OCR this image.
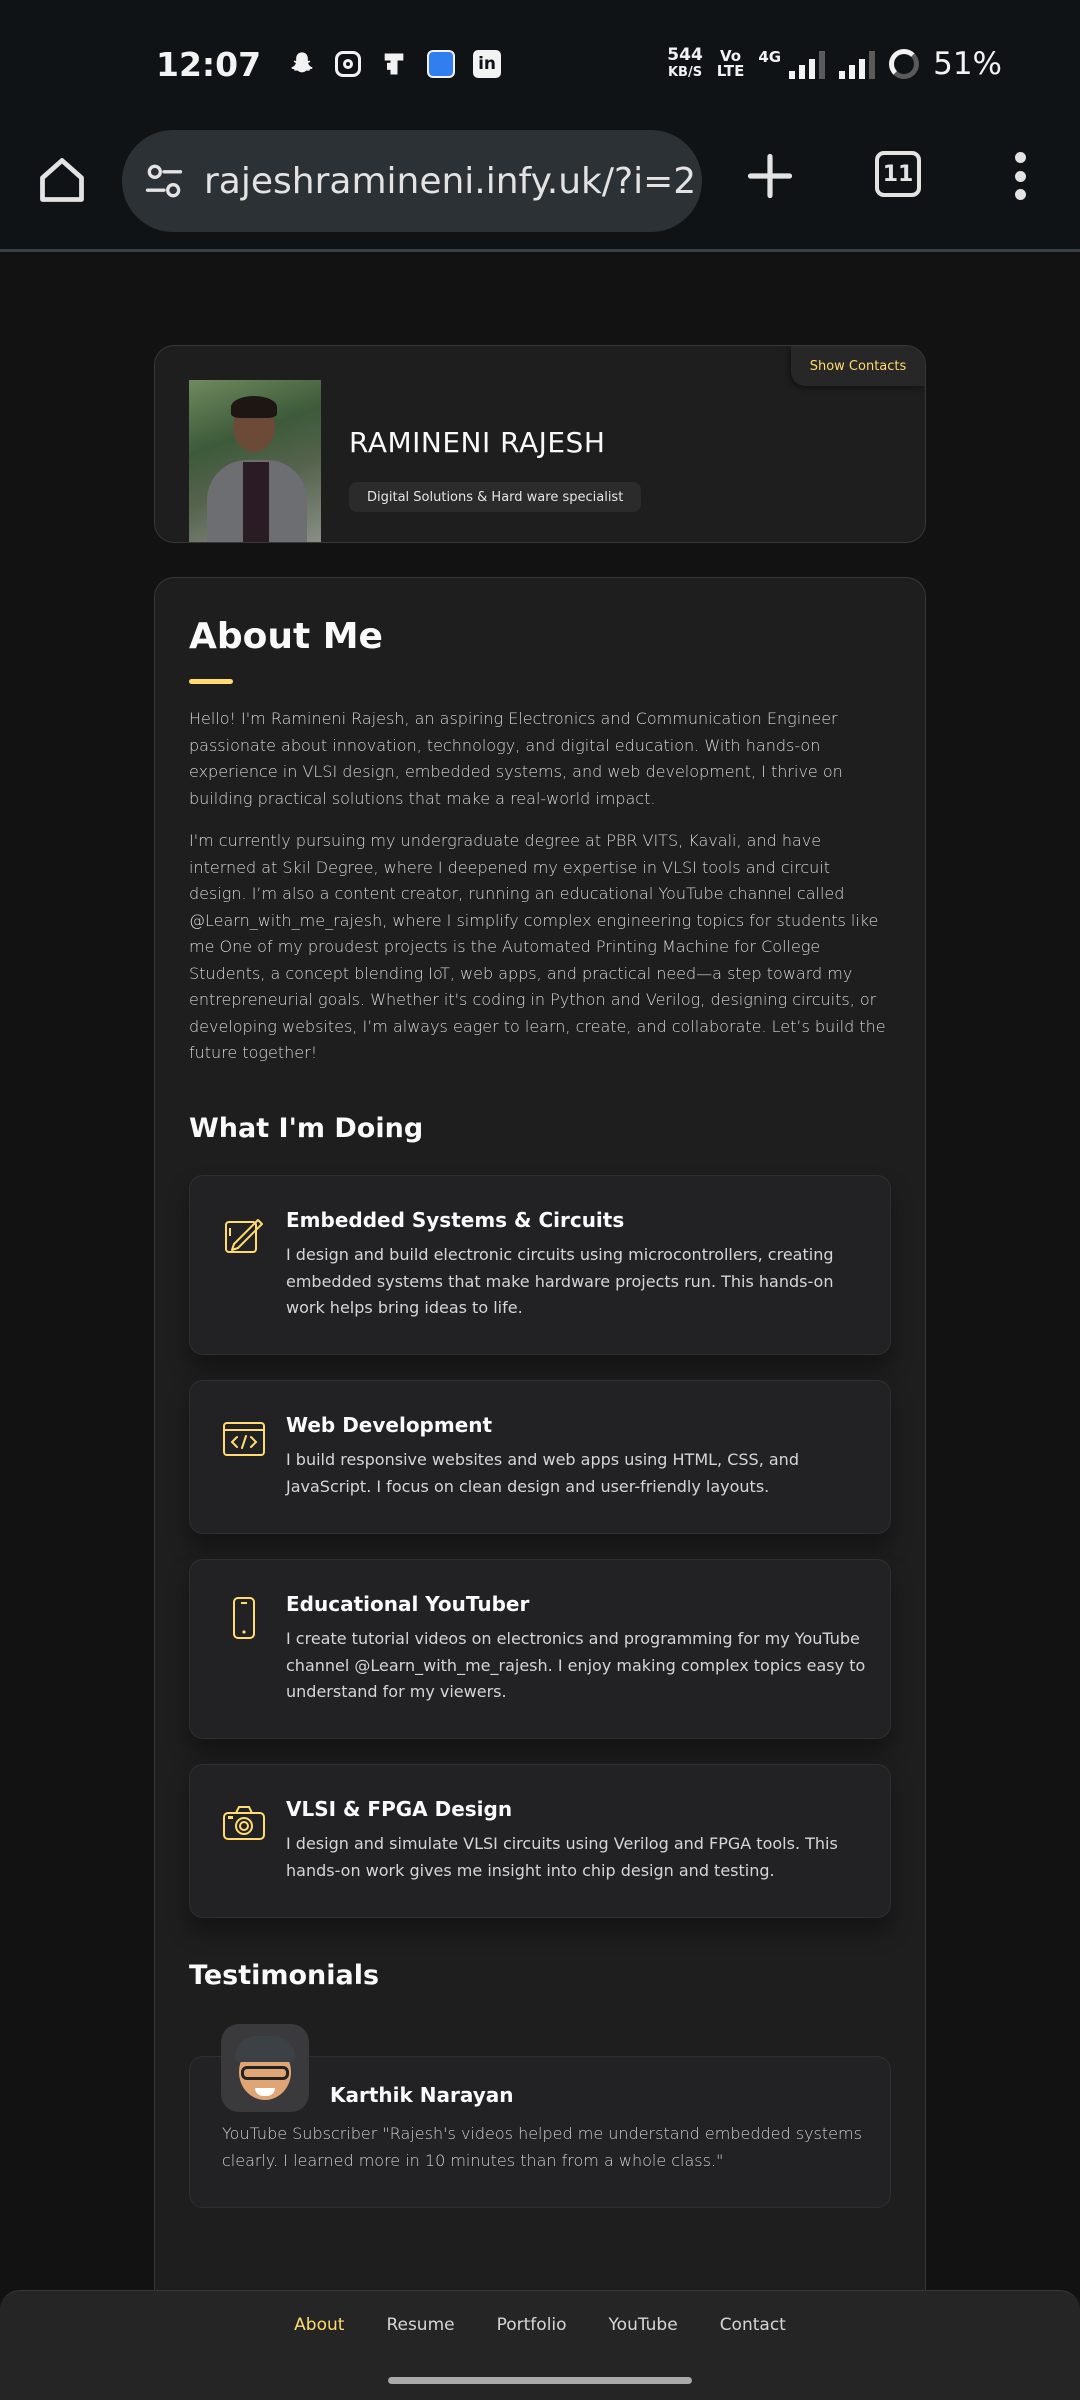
12:07	in	544
KB/S
Vo
LTE
4G	51%
rajeshramineni.infy.uk/?i=2	11
Show Contacts
RAMINENI RAJESH
Digital Solutions & Hard ware specialist
About Me

Hello! I'm Ramineni Rajesh, an aspiring Electronics and Communication Engineer passionate about innovation, technology, and digital education. With hands-on experience in VLSI design, embedded systems, and web development, I thrive on building practical solutions that make a real-world impact.

I'm currently pursuing my undergraduate degree at PBR VITS, Kavali, and have interned at Skil Degree, where I deepened my expertise in VLSI tools and circuit design. I’m also a content creator, running an educational YouTube channel called @Learn_with_me_rajesh, where I simplify complex engineering topics for students like me One of my proudest projects is the Automated Printing Machine for College Students, a concept blending IoT, web apps, and practical need—a step toward my entrepreneurial goals. Whether it's coding in Python and Verilog, designing circuits, or developing websites, I’m always eager to learn, create, and collaborate. Let’s build the future together!

What I'm Doing
Embedded Systems & Circuits
I design and build electronic circuits using microcontrollers, creating embedded systems that make hardware projects run. This hands-on work helps bring ideas to life.
Web Development
I build responsive websites and web apps using HTML, CSS, and JavaScript. I focus on clean design and user-friendly layouts.
Educational YouTuber
I create tutorial videos on electronics and programming for my YouTube channel @Learn_with_me_rajesh. I enjoy making complex topics easy to understand for my viewers.
VLSI & FPGA Design
I design and simulate VLSI circuits using Verilog and FPGA tools. This hands-on work gives me insight into chip design and testing.
Testimonials
Karthik Narayan
YouTube Subscriber "Rajesh's videos helped me understand embedded systems clearly. I learned more in 10 minutes than from a whole class."
About Resume Portfolio YouTube Contact
